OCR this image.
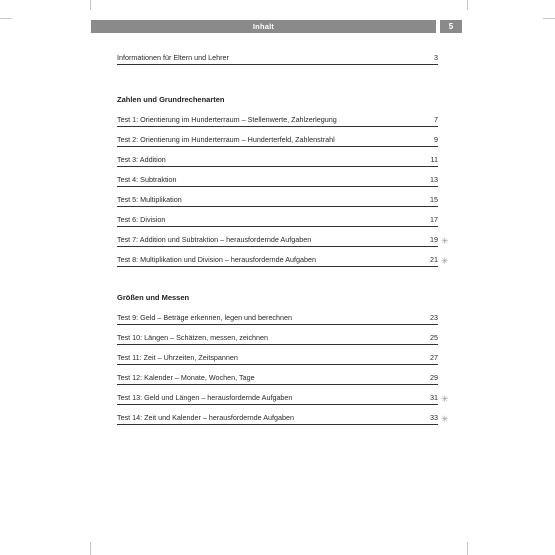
Inhalt	5
Informationen für Eltern und Lehrer	3
Zahlen und Grundrechenarten
Test 1: Orientierung im Hunderterraum – Stellenwerte, Zahlzerlegung	7
Test 2: Orientierung im Hunderterraum – Hunderterfeld, Zahlenstrahl	9
Test 3: Addition	11
Test 4: Subtraktion	13
Test 5: Multiplikation	15
Test 6: Division	17
Test 7: Addition und Subtraktion – herausfordernde Aufgaben	19 ✳
Test 8: Multiplikation und Division – herausfordernde Aufgaben	21 ✳
Größen und Messen
Test 9: Geld – Beträge erkennen, legen und berechnen	23
Test 10: Längen – Schätzen, messen, zeichnen	25
Test 11: Zeit – Uhrzeiten, Zeitspannen	27
Test 12: Kalender – Monate, Wochen, Tage	29
Test 13: Geld und Längen – herausfordernde Aufgaben	31 ✳
Test 14: Zeit und Kalender – herausfordernde Aufgaben	33 ✳
